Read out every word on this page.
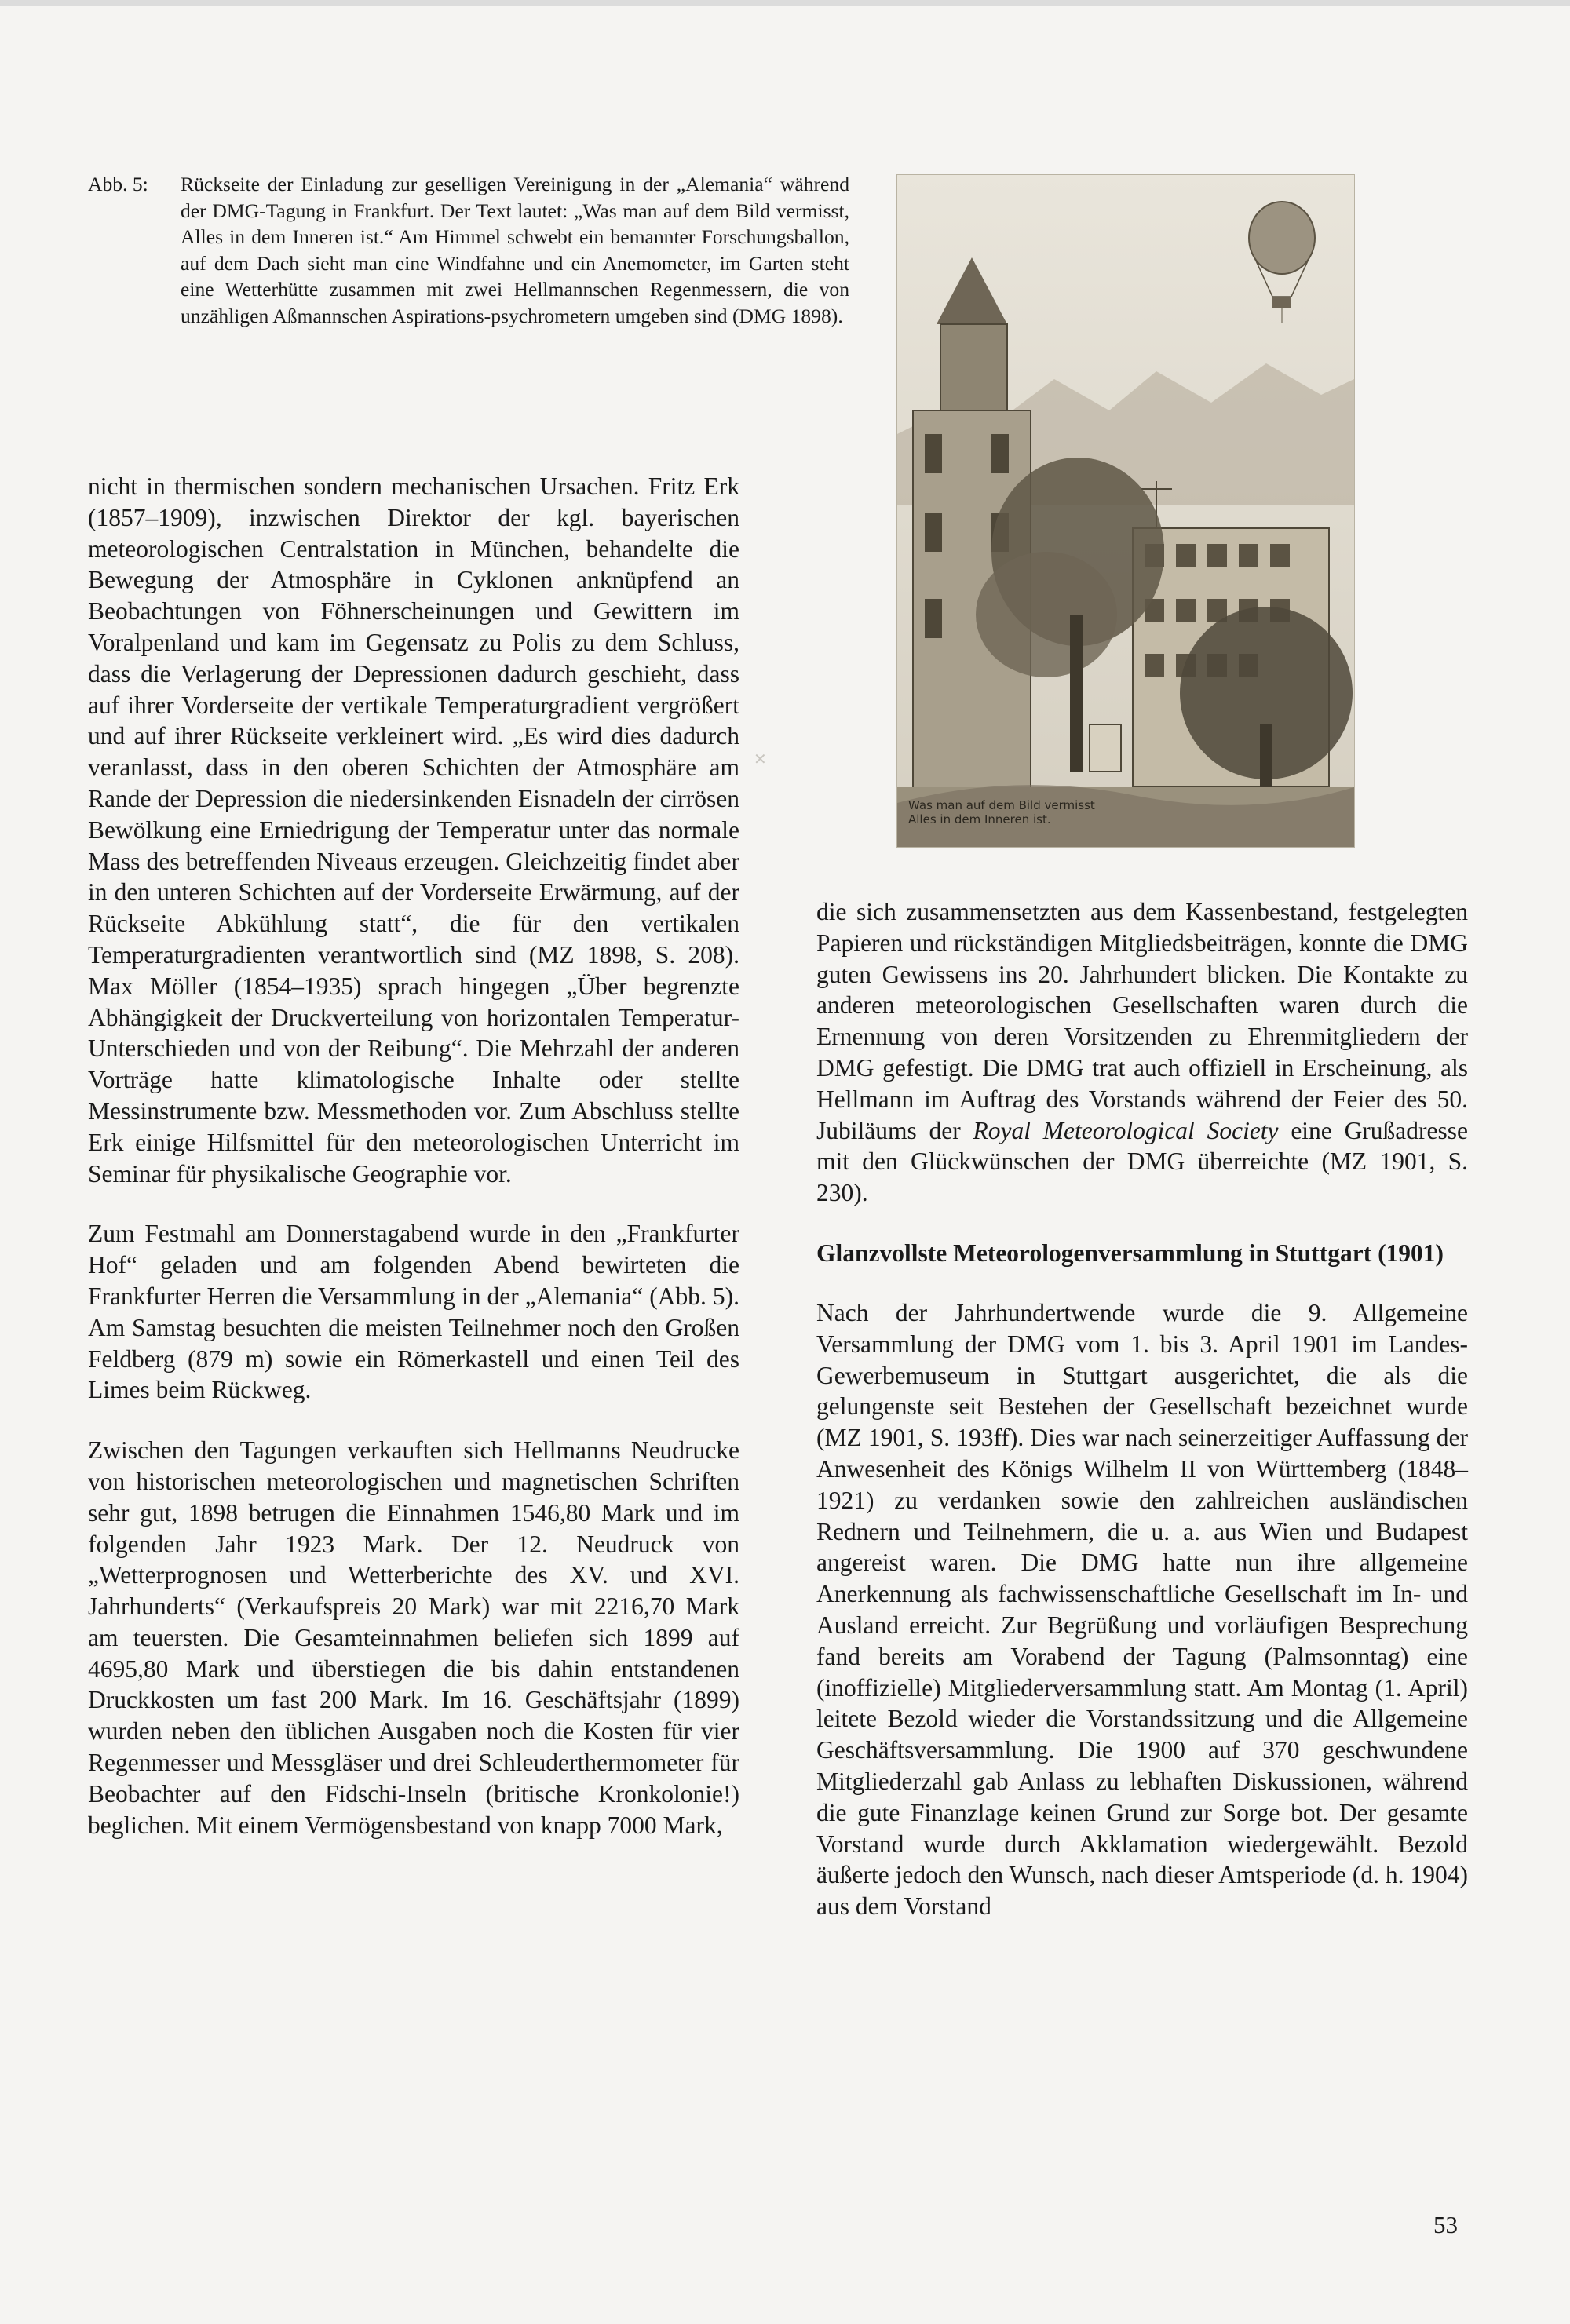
Abb. 5:	Rückseite der Einladung zur geselligen Vereinigung in der „Alemania“ während der DMG-Tagung in Frankfurt. Der Text lautet: „Was man auf dem Bild vermisst, Alles in dem Inneren ist.“ Am Himmel schwebt ein bemannter Forschungsballon, auf dem Dach sieht man eine Windfahne und ein Anemometer, im Garten steht eine Wetterhütte zusammen mit zwei Hellmannschen Regenmessern, die von unzähligen Aßmannschen Aspirations-psychrometern umgeben sind (DMG 1898).
Was man auf dem Bild vermisst
Alles in dem Inneren ist.
✕

nicht in thermischen sondern mechanischen Ursachen. Fritz Erk (1857–1909), inzwischen Direktor der kgl. bayerischen meteorologischen Centralstation in München, behandelte die Bewegung der Atmosphäre in Cyklonen anknüpfend an Beobachtungen von Föhnerscheinungen und Gewittern im Voralpenland und kam im Gegensatz zu Polis zu dem Schluss, dass die Verlagerung der Depressionen dadurch geschieht, dass auf ihrer Vorderseite der vertikale Temperaturgradient vergrößert und auf ihrer Rückseite verkleinert wird. „Es wird dies dadurch veranlasst, dass in den oberen Schichten der Atmosphäre am Rande der Depression die niedersinkenden Eisnadeln der cirrösen Bewölkung eine Erniedrigung der Temperatur unter das normale Mass des betreffenden Niveaus erzeugen. Gleichzeitig findet aber in den unteren Schichten auf der Vorderseite Erwärmung, auf der Rückseite Abkühlung statt“, die für den vertikalen Temperaturgradienten verantwortlich sind (MZ 1898, S. 208). Max Möller (1854–1935) sprach hingegen „Über begrenzte Abhängigkeit der Druckverteilung von horizontalen Temperatur-Unterschieden und von der Reibung“. Die Mehrzahl der anderen Vorträge hatte klimatologische Inhalte oder stellte Messinstrumente bzw. Messmethoden vor. Zum Abschluss stellte Erk einige Hilfsmittel für den meteorologischen Unterricht im Seminar für physikalische Geographie vor.

Zum Festmahl am Donnerstagabend wurde in den „Frankfurter Hof“ geladen und am folgenden Abend bewirteten die Frankfurter Herren die Versammlung in der „Alemania“ (Abb. 5). Am Samstag besuchten die meisten Teilnehmer noch den Großen Feldberg (879 m) sowie ein Römerkastell und einen Teil des Limes beim Rückweg.

Zwischen den Tagungen verkauften sich Hellmanns Neudrucke von historischen meteorologischen und magnetischen Schriften sehr gut, 1898 betrugen die Einnahmen 1546,80 Mark und im folgenden Jahr 1923 Mark. Der 12. Neudruck von „Wetterprognosen und Wetterberichte des XV. und XVI. Jahrhunderts“ (Verkaufspreis 20 Mark) war mit 2216,70 Mark am teuersten. Die Gesamteinnahmen beliefen sich 1899 auf 4695,80 Mark und überstiegen die bis dahin entstandenen Druckkosten um fast 200 Mark. Im 16. Geschäftsjahr (1899) wurden neben den üblichen Ausgaben noch die Kosten für vier Regenmesser und Messgläser und drei Schleuderthermometer für Beobachter auf den Fidschi-Inseln (britische Kronkolonie!) beglichen. Mit einem Vermögensbestand von knapp 7000 Mark,

die sich zusammensetzten aus dem Kassenbestand, festgelegten Papieren und rückständigen Mitgliedsbeiträgen, konnte die DMG guten Gewissens ins 20. Jahrhundert blicken. Die Kontakte zu anderen meteorologischen Gesellschaften waren durch die Ernennung von deren Vorsitzenden zu Ehrenmitgliedern der DMG gefestigt. Die DMG trat auch offiziell in Erscheinung, als Hellmann im Auftrag des Vorstands während der Feier des 50. Jubiläums der Royal Meteorological Society eine Grußadresse mit den Glückwünschen der DMG überreichte (MZ 1901, S. 230).

Glanzvollste Meteorologenversammlung in Stuttgart (1901)

Nach der Jahrhundertwende wurde die 9. Allgemeine Versammlung der DMG vom 1. bis 3. April 1901 im Landes-Gewerbemuseum in Stuttgart ausgerichtet, die als die gelungenste seit Bestehen der Gesellschaft bezeichnet wurde (MZ 1901, S. 193ff). Dies war nach seinerzeitiger Auffassung der Anwesenheit des Königs Wilhelm II von Württemberg (1848–1921) zu verdanken sowie den zahlreichen ausländischen Rednern und Teilnehmern, die u. a. aus Wien und Budapest angereist waren. Die DMG hatte nun ihre allgemeine Anerkennung als fachwissenschaftliche Gesellschaft im In- und Ausland erreicht. Zur Begrüßung und vorläufigen Besprechung fand bereits am Vorabend der Tagung (Palmsonntag) eine (inoffizielle) Mitgliederversammlung statt. Am Montag (1. April) leitete Bezold wieder die Vorstandssitzung und die Allgemeine Geschäftsversammlung. Die 1900 auf 370 geschwundene Mitgliederzahl gab Anlass zu lebhaften Diskussionen, während die gute Finanzlage keinen Grund zur Sorge bot. Der gesamte Vorstand wurde durch Akklamation wiedergewählt. Bezold äußerte jedoch den Wunsch, nach dieser Amtsperiode (d. h. 1904) aus dem Vorstand

53
